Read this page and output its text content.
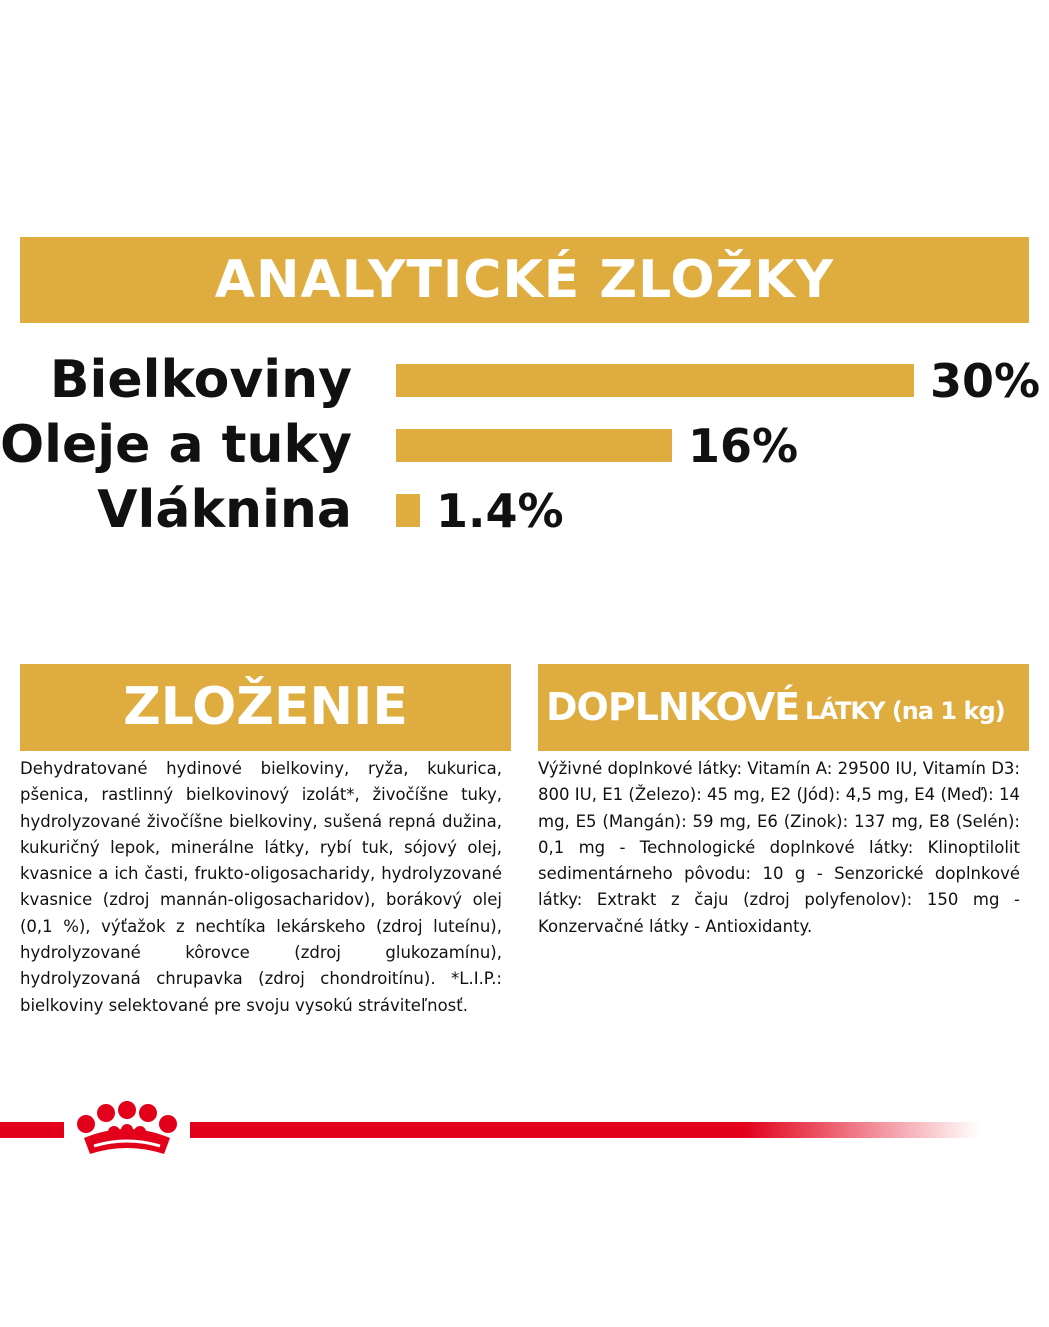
ANALYTICKÉ ZLOŽKY
Bielkoviny	30%
Oleje a tuky	16%
Vláknina 1.4%
ZLOŽENIE
Dehydratované hydinové bielkoviny, ryža, kukurica, pšenica, rastlinný bielkovinový izolát*, živočíšne tuky, hydrolyzované živočíšne bielkoviny, sušená repná dužina, kukuričný lepok, minerálne látky, rybí tuk, sójový olej, kvasnice a ich časti, frukto-oligosacharidy, hydrolyzované kvasnice (zdroj mannán-oligosacharidov), borákový olej (0,1 %), výťažok z nechtíka lekárskeho (zdroj luteínu), hydrolyzované kôrovce (zdroj glukozamínu), hydrolyzovaná chrupavka (zdroj chondroitínu). *L.I.P.: bielkoviny selektované pre svoju vysokú stráviteľnosť.
DOPLNKOVÉ LÁTKY (na 1 kg)
Výživné doplnkové látky: Vitamín A: 29500 IU, Vitamín D3: 800 IU, E1 (Železo): 45 mg, E2 (Jód): 4,5 mg, E4 (Meď): 14 mg, E5 (Mangán): 59 mg, E6 (Zinok): 137 mg, E8 (Selén): 0,1 mg - Technologické doplnkové látky: Klinoptilolit sedimentárneho pôvodu: 10 g - Senzorické doplnkové látky: Extrakt z čaju (zdroj polyfenolov): 150 mg - Konzervačné látky - Antioxidanty.
